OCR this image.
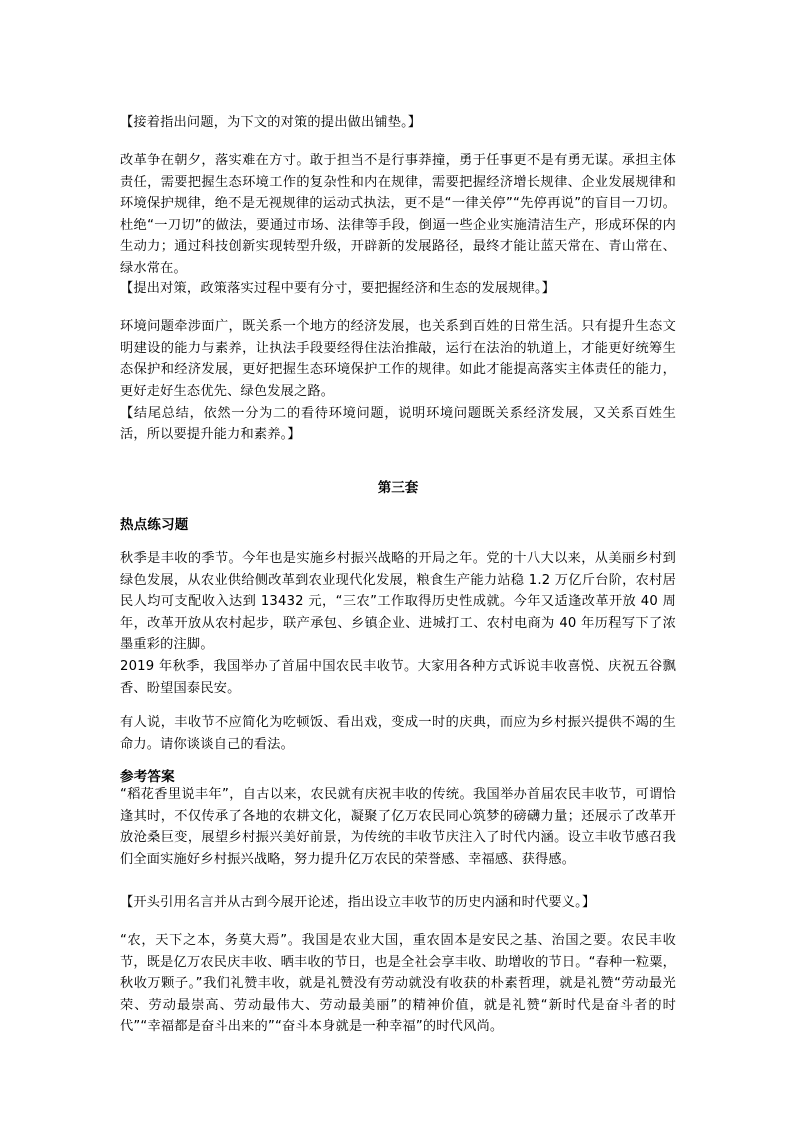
【接着指出问题，为下文的对策的提出做出铺垫。】

改革争在朝夕，落实难在方寸。敢于担当不是行事莽撞，勇于任事更不是有勇无谋。承担主体责任，需要把握生态环境工作的复杂性和内在规律，需要把握经济增长规律、企业发展规律和环境保护规律，绝不是无视规律的运动式执法，更不是“一律关停”“先停再说”的盲目一刀切。杜绝“一刀切”的做法，要通过市场、法律等手段，倒逼一些企业实施清洁生产，形成环保的内生动力；通过科技创新实现转型升级，开辟新的发展路径，最终才能让蓝天常在、青山常在、绿水常在。

【提出对策，政策落实过程中要有分寸，要把握经济和生态的发展规律。】

环境问题牵涉面广，既关系一个地方的经济发展，也关系到百姓的日常生活。只有提升生态文明建设的能力与素养，让执法手段要经得住法治推敲，运行在法治的轨道上，才能更好统筹生态保护和经济发展，更好把握生态环境保护工作的规律。如此才能提高落实主体责任的能力，更好走好生态优先、绿色发展之路。

【结尾总结，依然一分为二的看待环境问题，说明环境问题既关系经济发展，又关系百姓生活，所以要提升能力和素养。】

第三套
热点练习题

秋季是丰收的季节。今年也是实施乡村振兴战略的开局之年。党的十八大以来，从美丽乡村到绿色发展，从农业供给侧改革到农业现代化发展，粮食生产能力站稳 1.2 万亿斤台阶，农村居民人均可支配收入达到 13432 元，“三农”工作取得历史性成就。今年又适逢改革开放 40 周年，改革开放从农村起步，联产承包、乡镇企业、进城打工、农村电商为 40 年历程写下了浓墨重彩的注脚。

2019 年秋季，我国举办了首届中国农民丰收节。大家用各种方式诉说丰收喜悦、庆祝五谷飘香、盼望国泰民安。

有人说，丰收节不应简化为吃顿饭、看出戏，变成一时的庆典，而应为乡村振兴提供不竭的生命力。请你谈谈自己的看法。

参考答案

“稻花香里说丰年”，自古以来，农民就有庆祝丰收的传统。我国举办首届农民丰收节，可谓恰逢其时，不仅传承了各地的农耕文化，凝聚了亿万农民同心筑梦的磅礴力量；还展示了改革开放沧桑巨变，展望乡村振兴美好前景，为传统的丰收节庆注入了时代内涵。设立丰收节感召我们全面实施好乡村振兴战略，努力提升亿万农民的荣誉感、幸福感、获得感。

【开头引用名言并从古到今展开论述，指出设立丰收节的历史内涵和时代要义。】

“农，天下之本，务莫大焉”。我国是农业大国，重农固本是安民之基、治国之要。农民丰收节，既是亿万农民庆丰收、晒丰收的节日，也是全社会享丰收、助增收的节日。“春种一粒粟，秋收万颗子。”我们礼赞丰收，就是礼赞没有劳动就没有收获的朴素哲理，就是礼赞“劳动最光荣、劳动最崇高、劳动最伟大、劳动最美丽”的精神价值，就是礼赞“新时代是奋斗者的时代”“幸福都是奋斗出来的”“奋斗本身就是一种幸福”的时代风尚。
